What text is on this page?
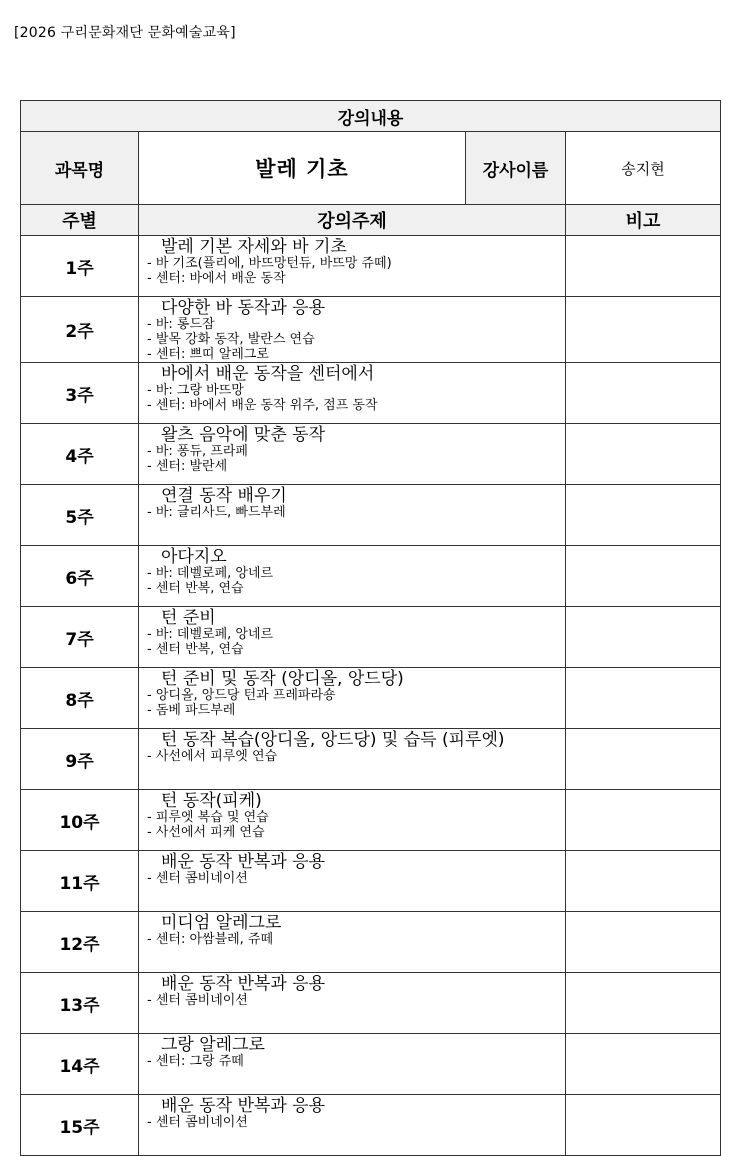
[2026 구리문화재단 문화예술교육]
강의내용			
과목명	발레 기초	강사이름	송지현
주별	강의주제		비고
1주	발레 기본 자세와 바 기초
- 바 기조(플리에, 바뜨망턴듀, 바뜨망 쥬떼)
- 센터: 바에서 배운 동작		

2주	다양한 바 동작과 응용
- 바: 롱드잠
- 발목 강화 동작, 발란스 연습
- 센터: 쁘띠 알레그로		

3주	바에서 배운 동작을 센터에서
- 바: 그랑 바뜨망
- 센터: 바에서 배운 동작 위주, 점프 동작		

4주	왈츠 음악에 맞춘 동작
- 바: 퐁듀, 프라페
- 센터: 발란세		

5주	연결 동작 배우기
- 바: 글리사드, 빠드부레		

6주	아다지오
- 바: 데벨로페, 앙네르
- 센터 반복, 연습		

7주	턴 준비
- 바: 데벨로페, 앙네르
- 센터 반복, 연습		

8주	턴 준비 및 동작 (앙디올, 앙드당)
- 앙디올, 앙드당 턴과 프레파라숑
- 돔베 파드부레		

9주	턴 동작 복습(앙디올, 앙드당) 및 습득 (피루엣)
- 사선에서 피루엣 연습		

10주	턴 동작(피케)
- 피루엣 복습 및 연습
- 사선에서 피케 연습		

11주	배운 동작 반복과 응용
- 센터 콤비네이션		

12주	미디엄 알레그로
- 센터: 아쌈블레, 쥬떼		

13주	배운 동작 반복과 응용
- 센터 콤비네이션		

14주	그랑 알레그로
- 센터: 그랑 쥬떼		

15주	배운 동작 반복과 응용
- 센터 콤비네이션		
